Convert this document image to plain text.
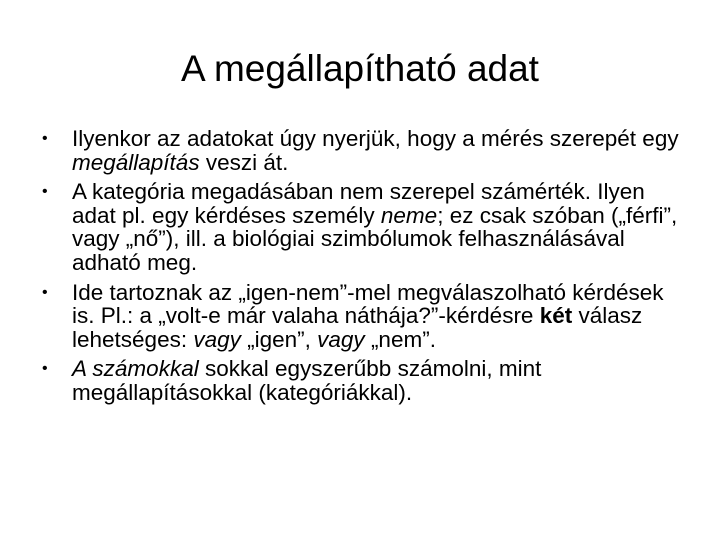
A megállapítható adat
• Ilyenkor az adatokat úgy nyerjük, hogy a mérés szerepét egy megállapítás veszi át.
• A kategória megadásában nem szerepel számérték. Ilyen adat pl. egy kérdéses személy neme; ez csak szóban („férfi”, vagy „nő”), ill. a biológiai szimbólumok felhasználásával adható meg.
• Ide tartoznak az „igen-nem”-mel megválaszolható kérdések is. Pl.: a „volt-e már valaha náthája?”-kérdésre két válasz lehetséges: vagy „igen”, vagy „nem”.
• A számokkal sokkal egyszerűbb számolni, mint megállapításokkal (kategóriákkal).
